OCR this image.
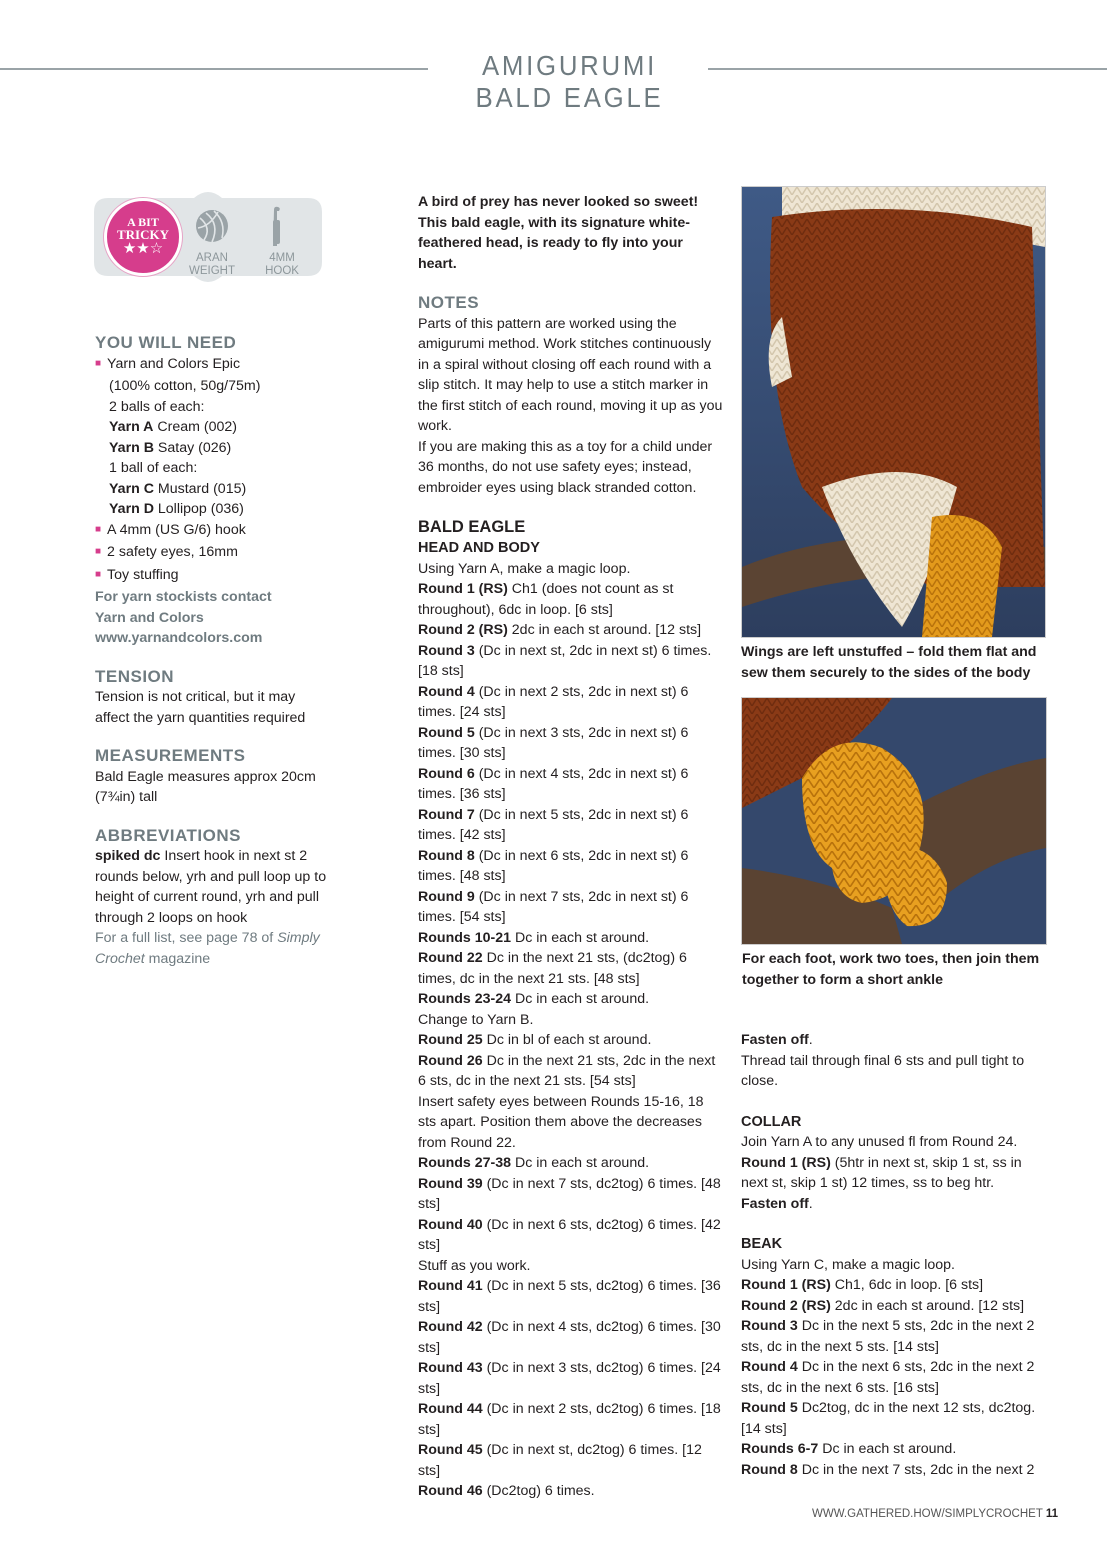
AMIGURUMI BALD EAGLE
A BIT
TRICKY
★★☆
ARAN
WEIGHT
4MM
HOOK

YOU WILL NEED

■ Yarn and Colors Epic

(100% cotton, 50g/75m)

2 balls of each:

Yarn A Cream (002)

Yarn B Satay (026)

1 ball of each:

Yarn C Mustard (015)

Yarn D Lollipop (036)

■ A 4mm (US G/6) hook

■ 2 safety eyes, 16mm

■ Toy stuffing

For yarn stockists contact

Yarn and Colors

www.yarnandcolors.com

TENSION

Tension is not critical, but it may affect the yarn quantities required

MEASUREMENTS

Bald Eagle measures approx 20cm (7¾in) tall

ABBREVIATIONS

spiked dc Insert hook in next st 2 rounds below, yrh and pull loop up to height of current round, yrh and pull through 2 loops on hook

For a full list, see page 78 of Simply Crochet magazine

A bird of prey has never looked so sweet! This bald eagle, with its signature white-feathered head, is ready to fly into your heart.

NOTES

Parts of this pattern are worked using the amigurumi method. Work stitches continuously in a spiral without closing off each round with a slip stitch. It may help to use a stitch marker in the first stitch of each round, moving it up as you work.

If you are making this as a toy for a child under 36 months, do not use safety eyes; instead, embroider eyes using black stranded cotton.

BALD EAGLE

HEAD AND BODY

Using Yarn A, make a magic loop.

Round 1 (RS) Ch1 (does not count as st throughout), 6dc in loop. [6 sts]

Round 2 (RS) 2dc in each st around. [12 sts]

Round 3 (Dc in next st, 2dc in next st) 6 times. [18 sts]

Round 4 (Dc in next 2 sts, 2dc in next st) 6 times. [24 sts]

Round 5 (Dc in next 3 sts, 2dc in next st) 6 times. [30 sts]

Round 6 (Dc in next 4 sts, 2dc in next st) 6 times. [36 sts]

Round 7 (Dc in next 5 sts, 2dc in next st) 6 times. [42 sts]

Round 8 (Dc in next 6 sts, 2dc in next st) 6 times. [48 sts]

Round 9 (Dc in next 7 sts, 2dc in next st) 6 times. [54 sts]

Rounds 10-21 Dc in each st around.

Round 22 Dc in the next 21 sts, (dc2tog) 6 times, dc in the next 21 sts. [48 sts]

Rounds 23-24 Dc in each st around.

Change to Yarn B.

Round 25 Dc in bl of each st around.

Round 26 Dc in the next 21 sts, 2dc in the next 6 sts, dc in the next 21 sts. [54 sts]

Insert safety eyes between Rounds 15-16, 18 sts apart. Position them above the decreases from Round 22.

Rounds 27-38 Dc in each st around.

Round 39 (Dc in next 7 sts, dc2tog) 6 times. [48 sts]

Round 40 (Dc in next 6 sts, dc2tog) 6 times. [42 sts]

Stuff as you work.

Round 41 (Dc in next 5 sts, dc2tog) 6 times. [36 sts]

Round 42 (Dc in next 4 sts, dc2tog) 6 times. [30 sts]

Round 43 (Dc in next 3 sts, dc2tog) 6 times. [24 sts]

Round 44 (Dc in next 2 sts, dc2tog) 6 times. [18 sts]

Round 45 (Dc in next st, dc2tog) 6 times. [12 sts]

Round 46 (Dc2tog) 6 times.

Wings are left unstuffed – fold them flat and sew them securely to the sides of the body
For each foot, work two toes, then join them together to form a short ankle

Fasten off.

Thread tail through final 6 sts and pull tight to close.

COLLAR

Join Yarn A to any unused fl from Round 24.

Round 1 (RS) (5htr in next st, skip 1 st, ss in next st, skip 1 st) 12 times, ss to beg htr.

Fasten off.

BEAK

Using Yarn C, make a magic loop.

Round 1 (RS) Ch1, 6dc in loop. [6 sts]

Round 2 (RS) 2dc in each st around. [12 sts]

Round 3 Dc in the next 5 sts, 2dc in the next 2 sts, dc in the next 5 sts. [14 sts]

Round 4 Dc in the next 6 sts, 2dc in the next 2 sts, dc in the next 6 sts. [16 sts]

Round 5 Dc2tog, dc in the next 12 sts, dc2tog. [14 sts]

Rounds 6-7 Dc in each st around.

Round 8 Dc in the next 7 sts, 2dc in the next 2

WWW.GATHERED.HOW/SIMPLYCROCHET 11
